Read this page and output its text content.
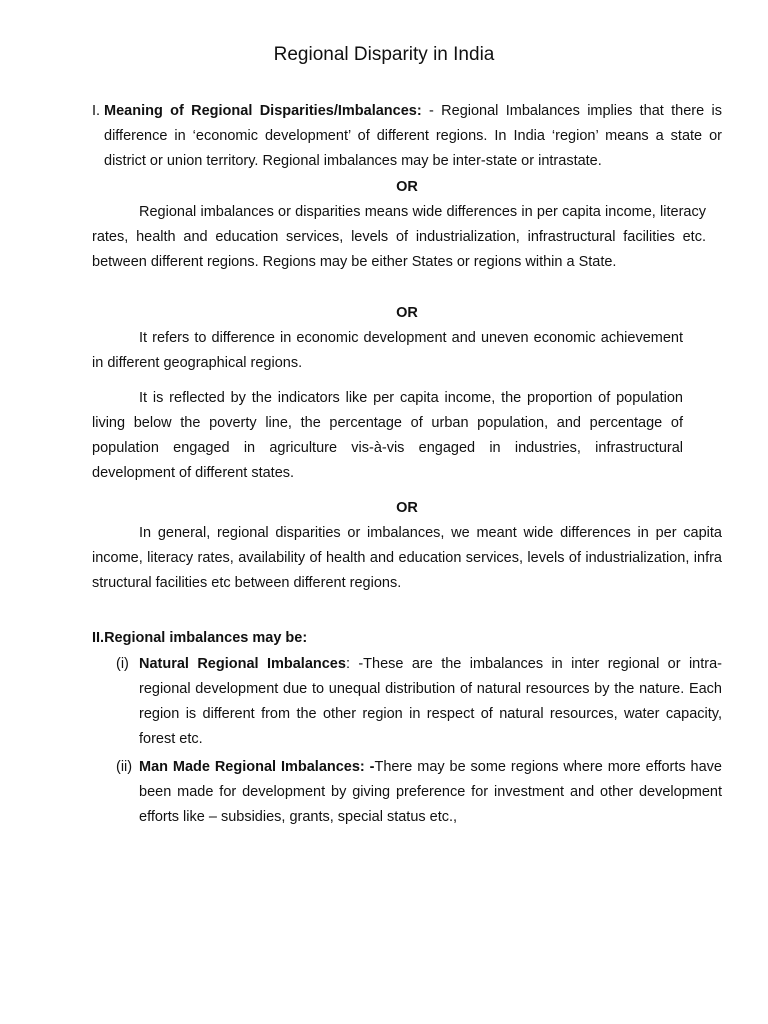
Regional Disparity in India
I. Meaning of Regional Disparities/Imbalances: - Regional Imbalances implies that there is difference in ‘economic development’ of different regions. In India ‘region’ means a state or district or union territory. Regional imbalances may be inter-state or intrastate.

OR

Regional imbalances or disparities means wide differences in per capita income, literacy rates, health and education services, levels of industrialization, infrastructural facilities etc. between different regions. Regions may be either States or regions within a State.

OR

It refers to difference in economic development and uneven economic achievement in different geographical regions.

It is reflected by the indicators like per capita income, the proportion of population living below the poverty line, the percentage of urban population, and percentage of population engaged in agriculture vis-à-vis engaged in industries, infrastructural development of different states.

OR

In general, regional disparities or imbalances, we meant wide differences in per capita income, literacy rates, availability of health and education services, levels of industrialization, infra structural facilities etc between different regions.

II.Regional imbalances may be:
(i) Natural Regional Imbalances: -These are the imbalances in inter regional or intra-regional development due to unequal distribution of natural resources by the nature. Each region is different from the other region in respect of natural resources, water capacity, forest etc.

(ii) Man Made Regional Imbalances: -There may be some regions where more efforts have been made for development by giving preference for investment and other development efforts like – subsidies, grants, special status etc.,
